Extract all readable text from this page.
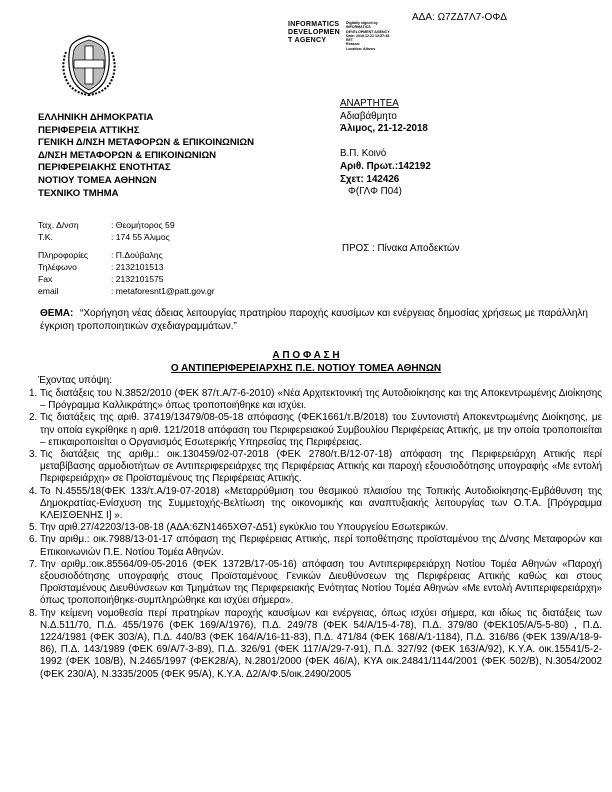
ΑΔΑ: Ω7ΖΔ7Λ7-ΟΦΔ
INFORMATICS
DEVELOPMEN
T AGENCY
Digitally signed by
INFORMATICS
DEVELOPMENT AGENCY
Date: 2018.12.21 13:57:48
EET
Reason:
Location: Athens
ΕΛΛΗΝΙΚΗ ΔΗΜΟΚΡΑΤΙΑ
ΠΕΡΙΦΕΡΕΙΑ ΑΤΤΙΚΗΣ
ΓΕΝΙΚΗ Δ/ΝΣΗ ΜΕΤΑΦΟΡΩΝ & ΕΠΙΚΟΙΝΩΝΙΩΝ
Δ/ΝΣΗ ΜΕΤΑΦΟΡΩΝ & ΕΠΙΚΟΙΝΩΝΙΩΝ
ΠΕΡΙΦΕΡΕΙΑΚΗΣ ΕΝΟΤΗΤΑΣ
ΝΟΤΙΟΥ ΤΟΜΕΑ ΑΘΗΝΩΝ
ΤΕΧΝΙΚΟ ΤΜΗΜΑ
ΑΝΑΡΤΗΤΕΑ
Αδιαβάθμητο
Άλιμος, 21-12-2018
Β.Π. Κοινό
Αριθ. Πρωτ.:142192
Σχετ: 142426
Φ(ΓΛΦ Π04)
Ταχ. Δ/νση	: Θεομήτορος 59
Τ.Κ.	: 174 55 Άλιμος
Πληροφορίες	: Π.Δούβαλης
Τηλέφωνο	: 2132101513
Fax	: 2132101575
email	: metaforesnt1@patt.gov.gr
ΠΡΟΣ : Πίνακα Αποδεκτών
ΘΕΜΑ: “Χορήγηση νέας άδειας λειτουργίας πρατηρίου παροχής καυσίμων και ενέργειας δημοσίας χρήσεως με παράλληλη έγκριση τροποποιητικών σχεδιαγραμμάτων.”
Α Π Ο Φ Α Σ Η
Ο ΑΝΤΙΠΕΡΙΦΕΡΕΙΑΡΧΗΣ Π.Ε. ΝΟΤΙΟΥ ΤΟΜΕΑ ΑΘΗΝΩΝ
Έχοντας υπόψη:
1. Τις διατάξεις του Ν.3852/2010 (ΦΕΚ 87/τ.Α/7-6-2010) «Νέα Αρχιτεκτονική της Αυτοδιοίκησης και της Αποκεντρωμένης Διοίκησης – Πρόγραμμα Καλλικράτης» όπως τροποποιήθηκε και ισχύει.
2. Τις διατάξεις της αριθ. 37419/13479/08-05-18 απόφασης (ΦΕΚ1661/τ.Β/2018) του Συντονιστή Αποκεντρωμένης Διοίκησης, με την οποία εγκρίθηκε η αριθ. 121/2018 απόφαση του Περιφερειακού Συμβουλίου Περιφέρειας Αττικής, με την οποία τροποποιείται – επικαιροποιείται ο Οργανισμός Εσωτερικής Υπηρεσίας της Περιφέρειας.
3. Τις διατάξεις της αριθμ.: οικ.130459/02-07-2018 (ΦΕΚ 2780/τ.Β/12-07-18) απόφαση της Περιφερειάρχη Αττικής περί μεταβίβασης αρμοδιοτήτων σε Αντιπεριφερειάρχες της Περιφέρειας Αττικής και παροχή εξουσιοδότησης υπογραφής «Με εντολή Περιφερειάρχη» σε Προϊσταμένους της Περιφέρειας Αττικής.
4. Το Ν.4555/18(ΦΕΚ 133/τ.Α/19-07-2018) «Μεταρρύθμιση του θεσμικού πλαισίου της Τοπικής Αυτοδιοίκησης-Εμβάθυνση της Δημοκρατίας-Ενίσχυση της Συμμετοχής-Βελτίωση της οικονομικής και αναπτυξιακής λειτουργίας των Ο.Τ.Α. [Πρόγραμμα ΚΛΕΙΣΘΕΝΗΣ Ι] ».
5. Την αριθ.27/42203/13-08-18 (ΑΔΑ:6ΖΝ1465ΧΘ7-Δ51) εγκύκλιο του Υπουργείου Εσωτερικών.
6. Την αριθμ.: οικ.7988/13-01-17 απόφαση της Περιφέρειας Αττικής, περί τοποθέτησης προϊσταμένου της Δ/νσης Μεταφορών και Επικοινωνιών Π.Ε. Νοτίου Τομέα Αθηνών.
7. Την αριθμ.:οικ.85564/09-05-2016 (ΦΕΚ 1372Β/17-05-16) απόφαση του Αντιπεριφερειάρχη Νοτίου Τομέα Αθηνών «Παροχή εξουσιοδότησης υπογραφής στους Προϊσταμένους Γενικών Διευθύνσεων της Περιφέρειας Αττικής καθώς και στους Προϊσταμένους Διευθύνσεων και Τμημάτων της Περιφερειακής Ενότητας Νοτίου Τομέα Αθηνών «Με εντολή Αντιπεριφερειάρχη» όπως τροποποιήθηκε-συμπληρώθηκε και ισχύει σήμερα».
8. Την κείμενη νομοθεσία περί πρατηρίων παροχής καυσίμων και ενέργειας, όπως ισχύει σήμερα, και ιδίως τις διατάξεις των Ν.Δ.511/70, Π.Δ. 455/1976 (ΦΕΚ 169/Α/1976), Π.Δ. 249/78 (ΦΕΚ 54/Α/15-4-78), Π.Δ. 379/80 (ΦΕΚ105/Α/5-5-80) , Π.Δ. 1224/1981 (ΦΕΚ 303/Α), Π.Δ. 440/83 (ΦΕΚ 164/Α/16-11-83), Π.Δ. 471/84 (ΦΕΚ 168/Α/1-1184), Π.Δ. 316/86 (ΦΕΚ 139/Α/18-9-86), Π.Δ. 143/1989 (ΦΕΚ 69/Α/7-3-89), Π.Δ. 326/91 (ΦΕΚ 117/Α/29-7-91), Π.Δ. 327/92 (ΦΕΚ 163/Α/92), Κ.Υ.Α. οικ.15541/5-2-1992 (ΦΕΚ 108/Β), Ν.2465/1997 (ΦΕΚ28/Α), Ν.2801/2000 (ΦΕΚ 46/Α), ΚΥΑ οικ.24841/1144/2001 (ΦΕΚ 502/Β), Ν.3054/2002 (ΦΕΚ 230/Α), Ν.3335/2005 (ΦΕΚ 95/Α), Κ.Υ.Α. Δ2/Α/Φ.5/οικ.2490/2005
